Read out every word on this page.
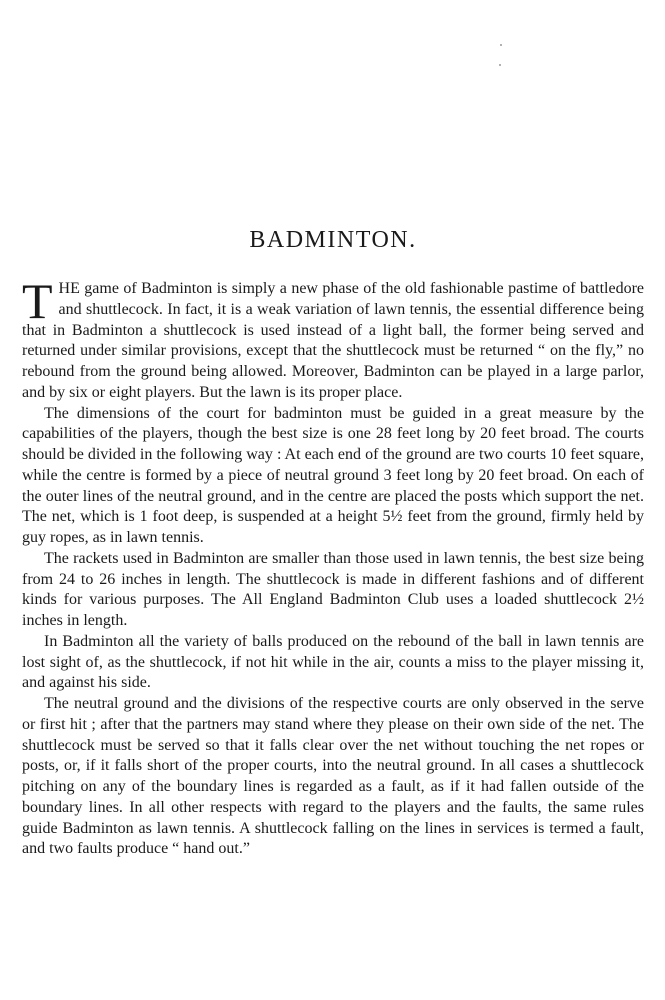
BADMINTON.

THE game of Badminton is simply a new phase of the old fashionable pastime of battledore and shuttlecock. In fact, it is a weak variation of lawn tennis, the essential difference being that in Badminton a shuttlecock is used instead of a light ball, the former being served and returned under similar provisions, except that the shuttlecock must be returned “ on the fly,” no rebound from the ground being allowed. Moreover, Badminton can be played in a large parlor, and by six or eight players. But the lawn is its proper place.

The dimensions of the court for badminton must be guided in a great measure by the capabilities of the players, though the best size is one 28 feet long by 20 feet broad. The courts should be divided in the following way : At each end of the ground are two courts 10 feet square, while the centre is formed by a piece of neutral ground 3 feet long by 20 feet broad. On each of the outer lines of the neutral ground, and in the centre are placed the posts which support the net. The net, which is 1 foot deep, is suspended at a height 5½ feet from the ground, firmly held by guy ropes, as in lawn tennis.

The rackets used in Badminton are smaller than those used in lawn tennis, the best size being from 24 to 26 inches in length. The shuttlecock is made in different fashions and of different kinds for various purposes. The All England Badminton Club uses a loaded shuttlecock 2½ inches in length.

In Badminton all the variety of balls produced on the rebound of the ball in lawn tennis are lost sight of, as the shuttlecock, if not hit while in the air, counts a miss to the player missing it, and against his side.

The neutral ground and the divisions of the respective courts are only observed in the serve or first hit ; after that the partners may stand where they please on their own side of the net. The shuttlecock must be served so that it falls clear over the net without touching the net ropes or posts, or, if it falls short of the proper courts, into the neutral ground. In all cases a shuttlecock pitching on any of the boundary lines is regarded as a fault, as if it had fallen outside of the boundary lines. In all other respects with regard to the players and the faults, the same rules guide Badminton as lawn tennis. A shuttlecock falling on the lines in services is termed a fault, and two faults produce “ hand out.”
